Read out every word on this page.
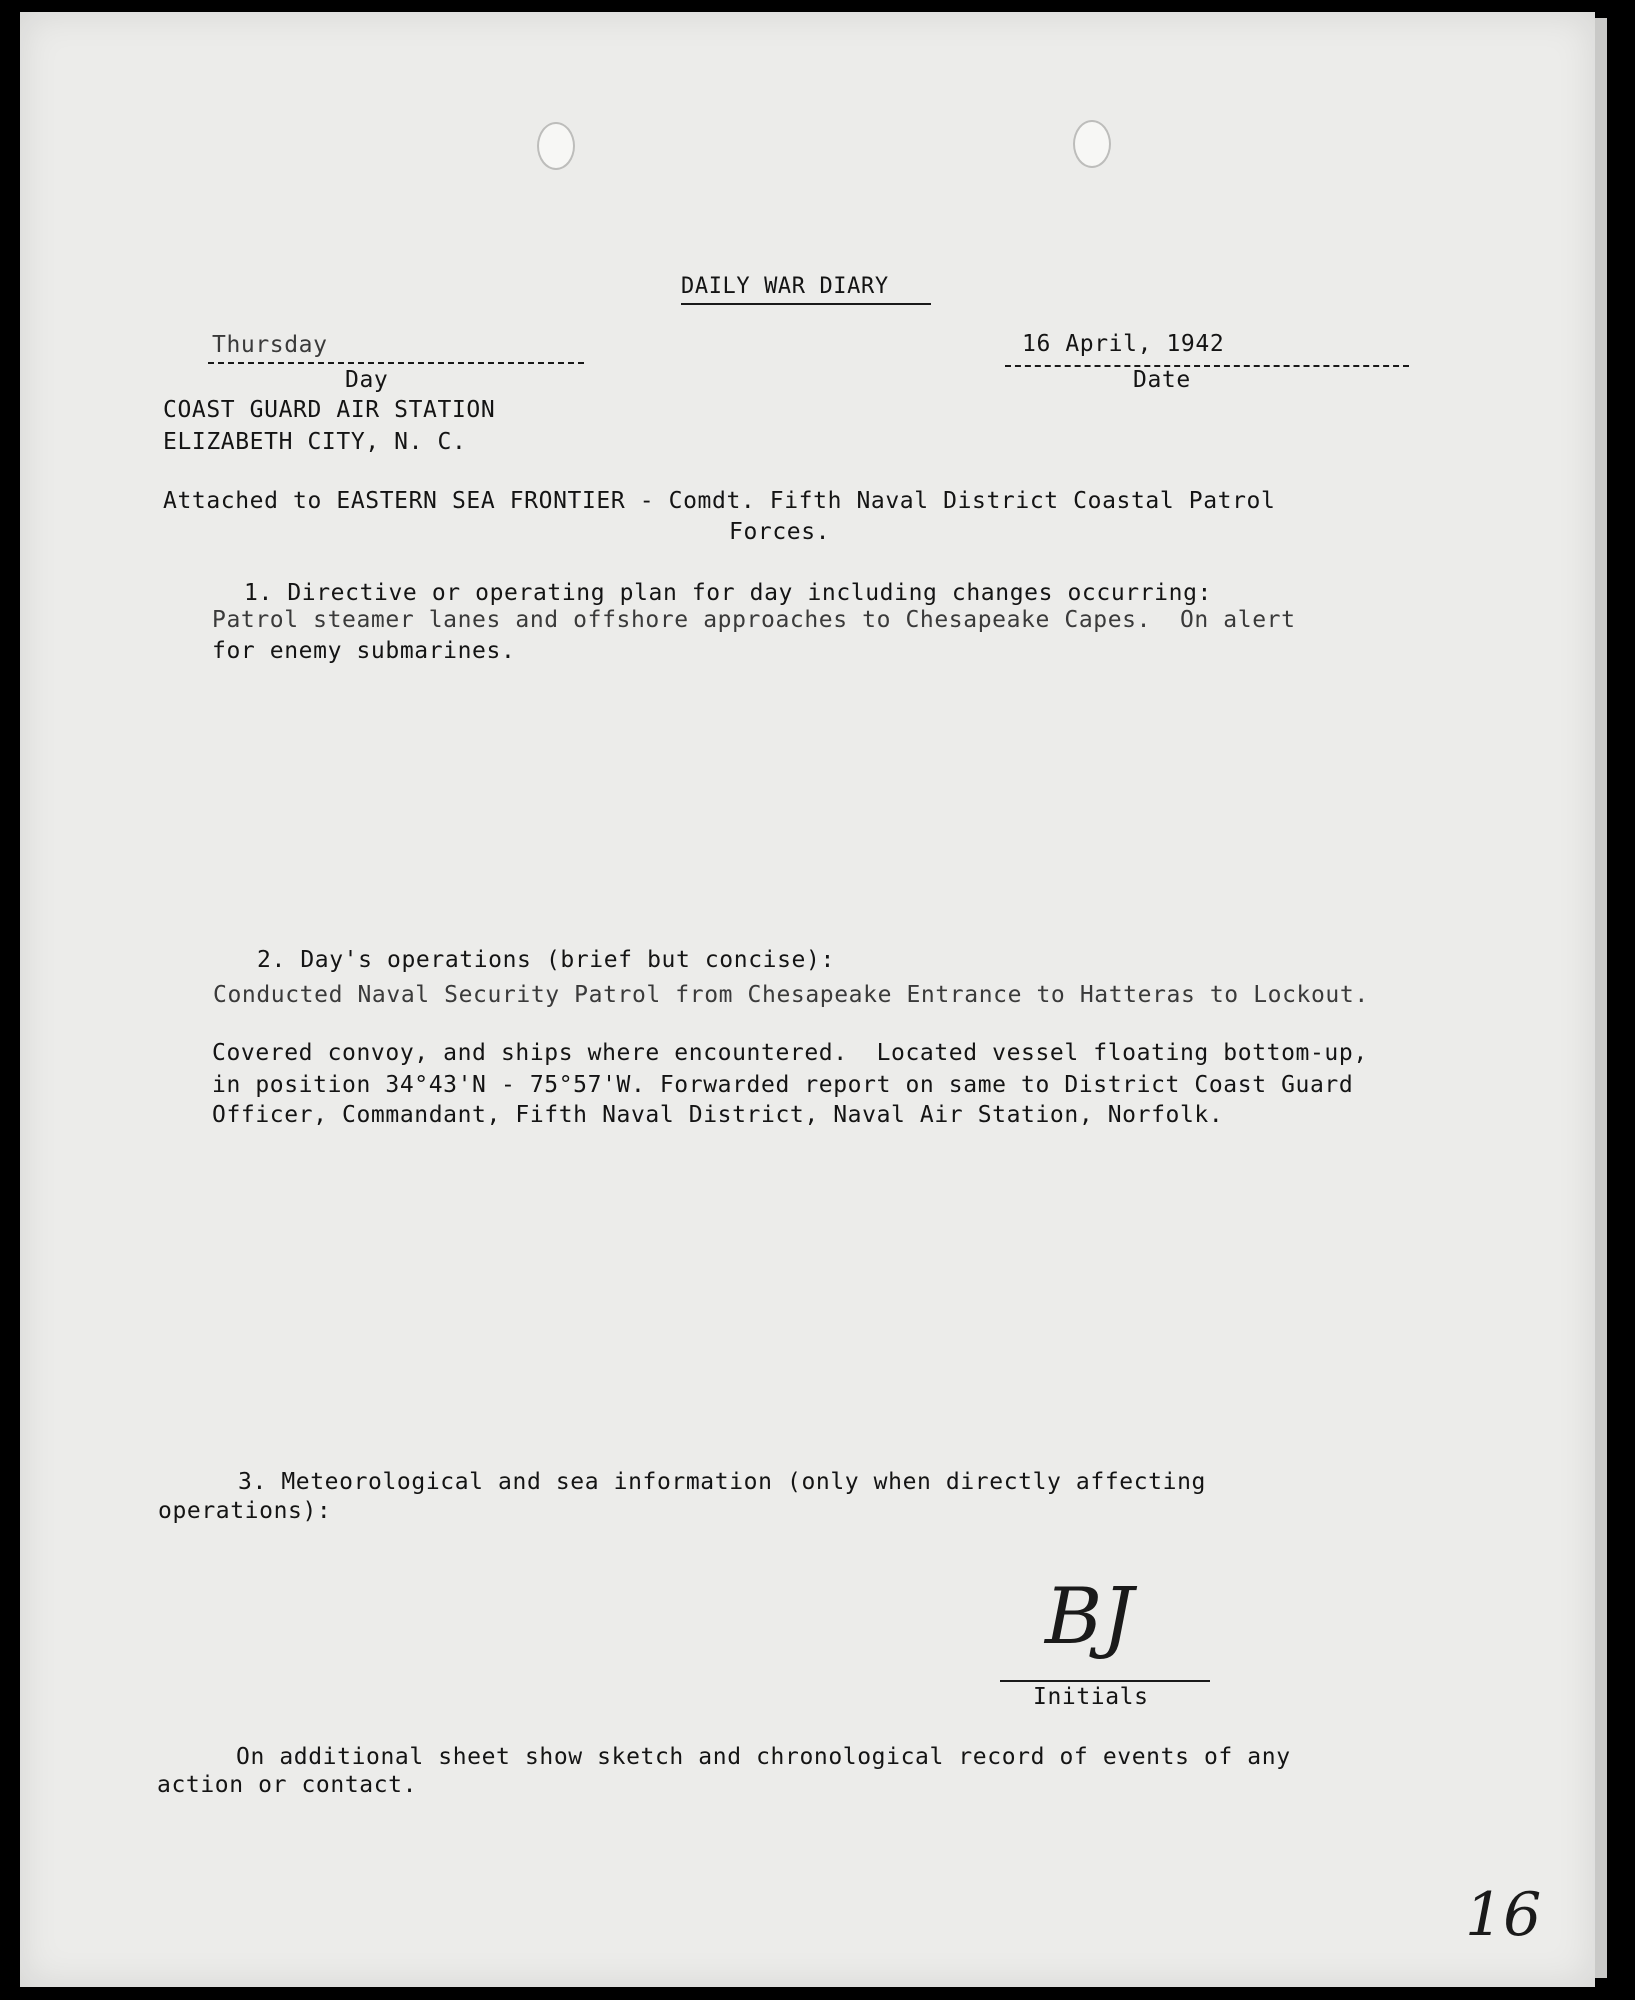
DAILY WAR DIARY
Thursday
Day
16 April, 1942
Date
COAST GUARD AIR STATION
ELIZABETH CITY, N. C.
Attached to EASTERN SEA FRONTIER - Comdt. Fifth Naval District Coastal Patrol
Forces.
1. Directive or operating plan for day including changes occurring:
Patrol steamer lanes and offshore approaches to Chesapeake Capes.  On alert
for enemy submarines.
2. Day's operations (brief but concise):
Conducted Naval Security Patrol from Chesapeake Entrance to Hatteras to Lockout.
Covered convoy, and ships where encountered.  Located vessel floating bottom-up,
in position 34°43'N - 75°57'W. Forwarded report on same to District Coast Guard
Officer, Commandant, Fifth Naval District, Naval Air Station, Norfolk.
3. Meteorological and sea information (only when directly affecting
operations):
BJ
Initials
On additional sheet show sketch and chronological record of events of any
action or contact.
16
